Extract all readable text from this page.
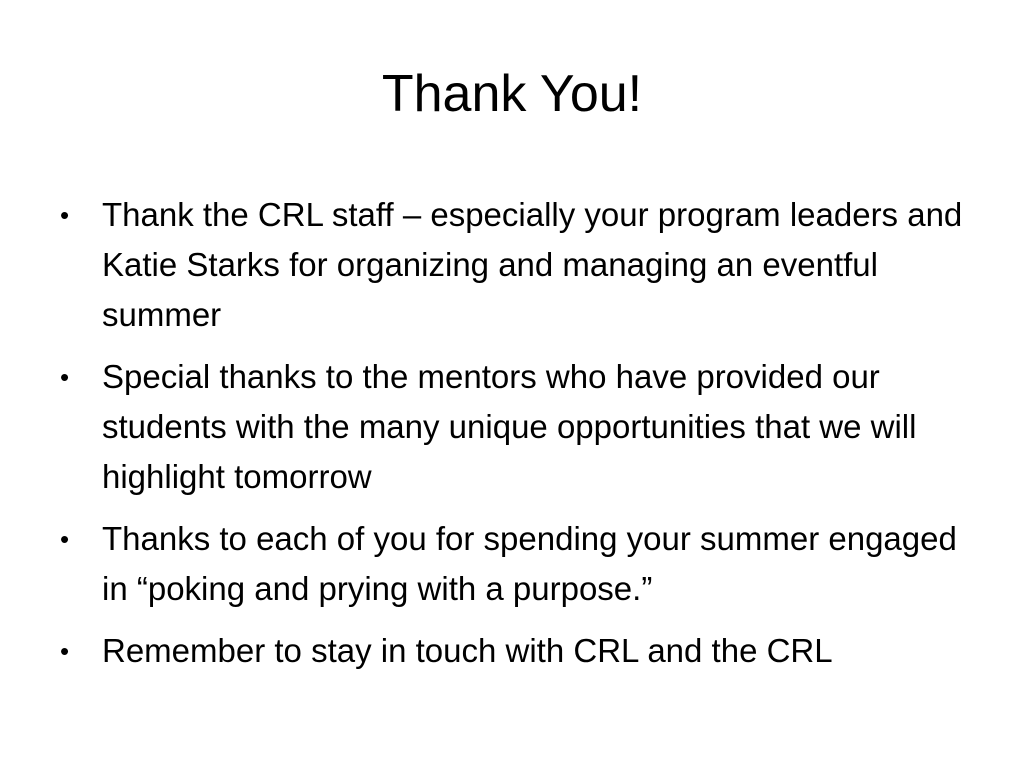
Thank You!
• Thank the CRL staff – especially your program leaders and Katie Starks for organizing and managing an eventful summer
• Special thanks to the mentors who have provided our students with the many unique opportunities that we will highlight tomorrow
• Thanks to each of you for spending your summer engaged in “poking and prying with a purpose.”
• Remember to stay in touch with CRL and the CRL
